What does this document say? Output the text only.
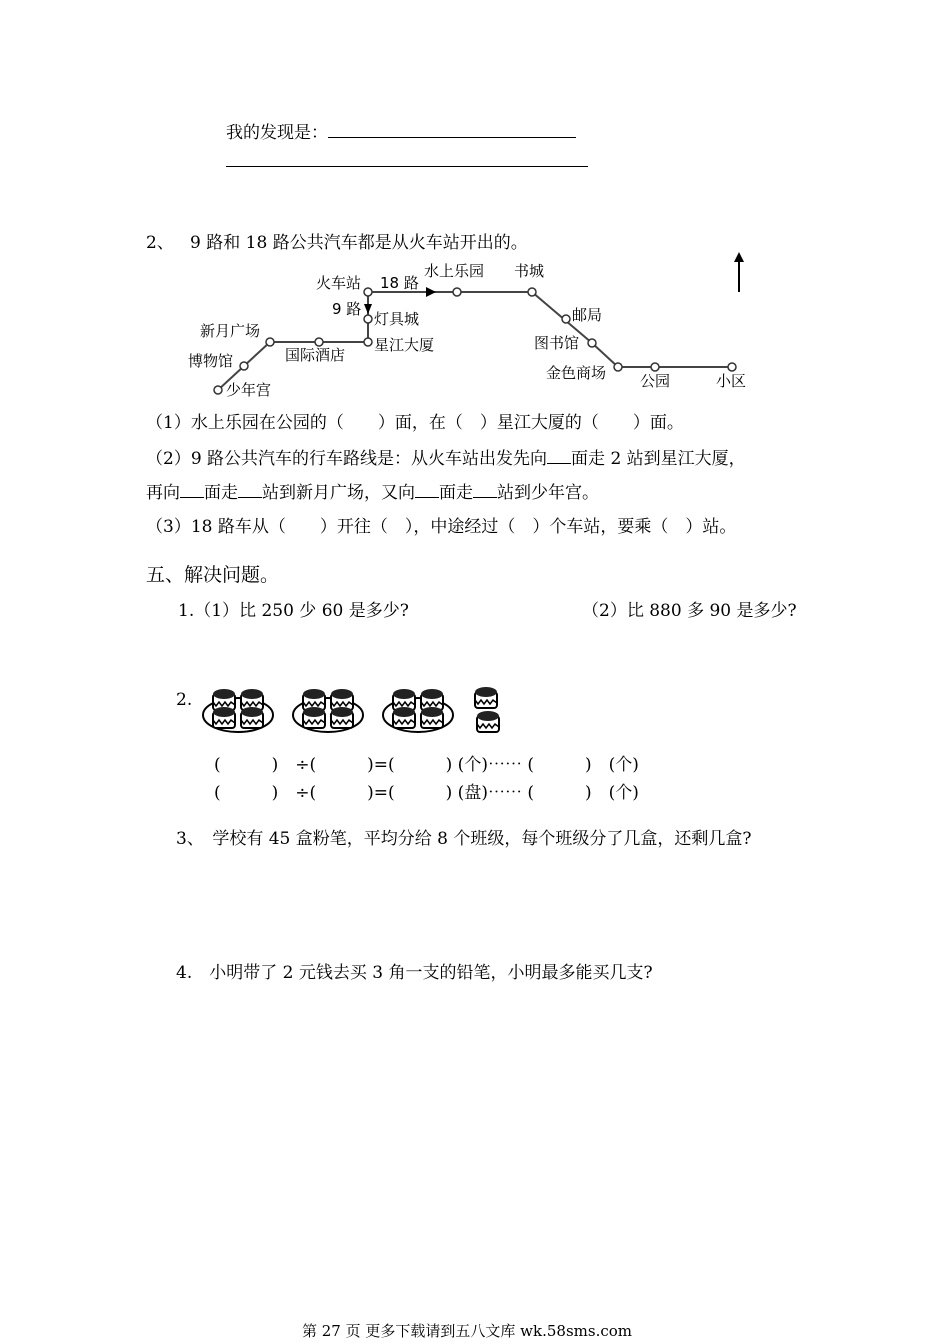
我的发现是：
2、 9 路和 18 路公共汽车都是从火车站开出的。
火车站 18 路
水上乐园 书城
邮局
图书馆
金色商场 公园	小区
9 路
灯具城
星江大厦
国际酒店
新月广场
博物馆
少年宫
（1）水上乐园在公园的（　　）面，在（　）星江大厦的（　　）面。
（2）9 路公共汽车的行车路线是：从火车站出发先向 面走 2 站到星江大厦，
再向 面走 站到新月广场，又向 面走 站到少年宫。
（3）18 路车从（　　）开往（　），中途经过（　）个车站，要乘（　）站。
五、解决问题。
1.（1）比 250 少 60 是多少?	（2）比 880 多 90 是多少?
2.
(　　　)　÷(　　　)=(　　　) (个)⋯⋯ (　　　)　(个)
(　　　)　÷(　　　)=(　　　) (盘)⋯⋯ (　　　)　(个)
3、　学校有 45 盒粉笔，平均分给 8 个班级，每个班级分了几盒，还剩几盒?
4.　小明带了 2 元钱去买 3 角一支的铅笔，小明最多能买几支?
第 27 页 更多下载请到五八文库 wk.58sms.com
